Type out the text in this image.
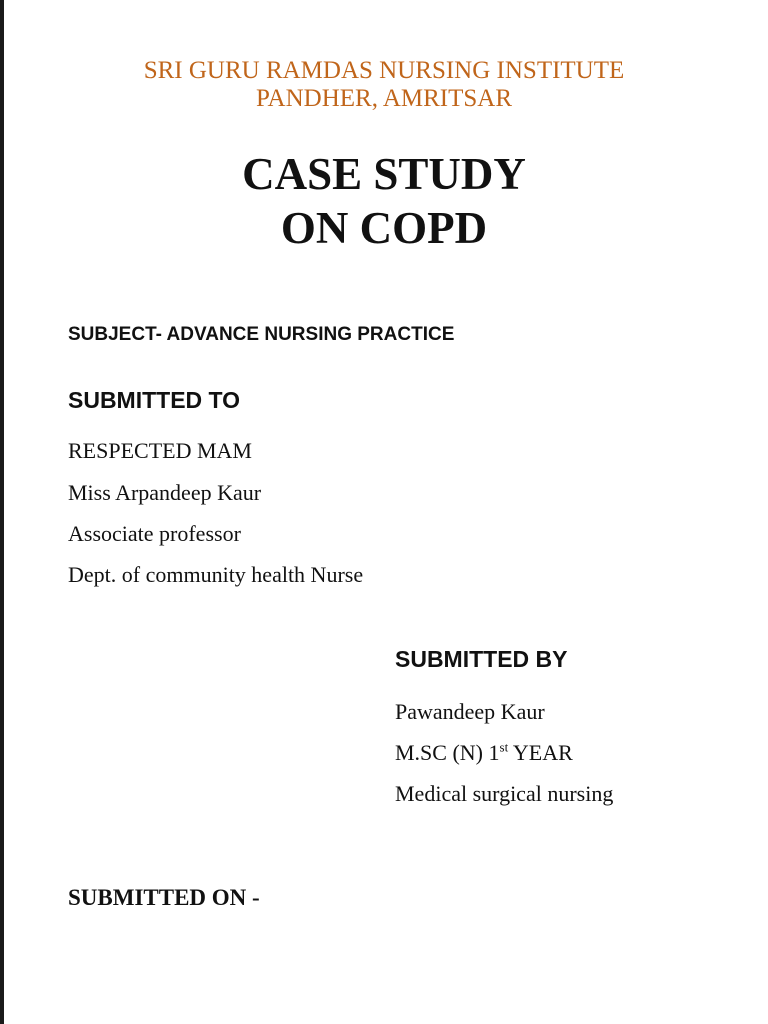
SRI GURU RAMDAS NURSING INSTITUTE
PANDHER, AMRITSAR
CASE STUDY
ON COPD
SUBJECT- ADVANCE NURSING PRACTICE
SUBMITTED TO
RESPECTED MAM
Miss Arpandeep Kaur
Associate professor
Dept. of community health Nurse
SUBMITTED BY
Pawandeep Kaur
M.SC (N) 1st YEAR
Medical surgical nursing
SUBMITTED ON -
